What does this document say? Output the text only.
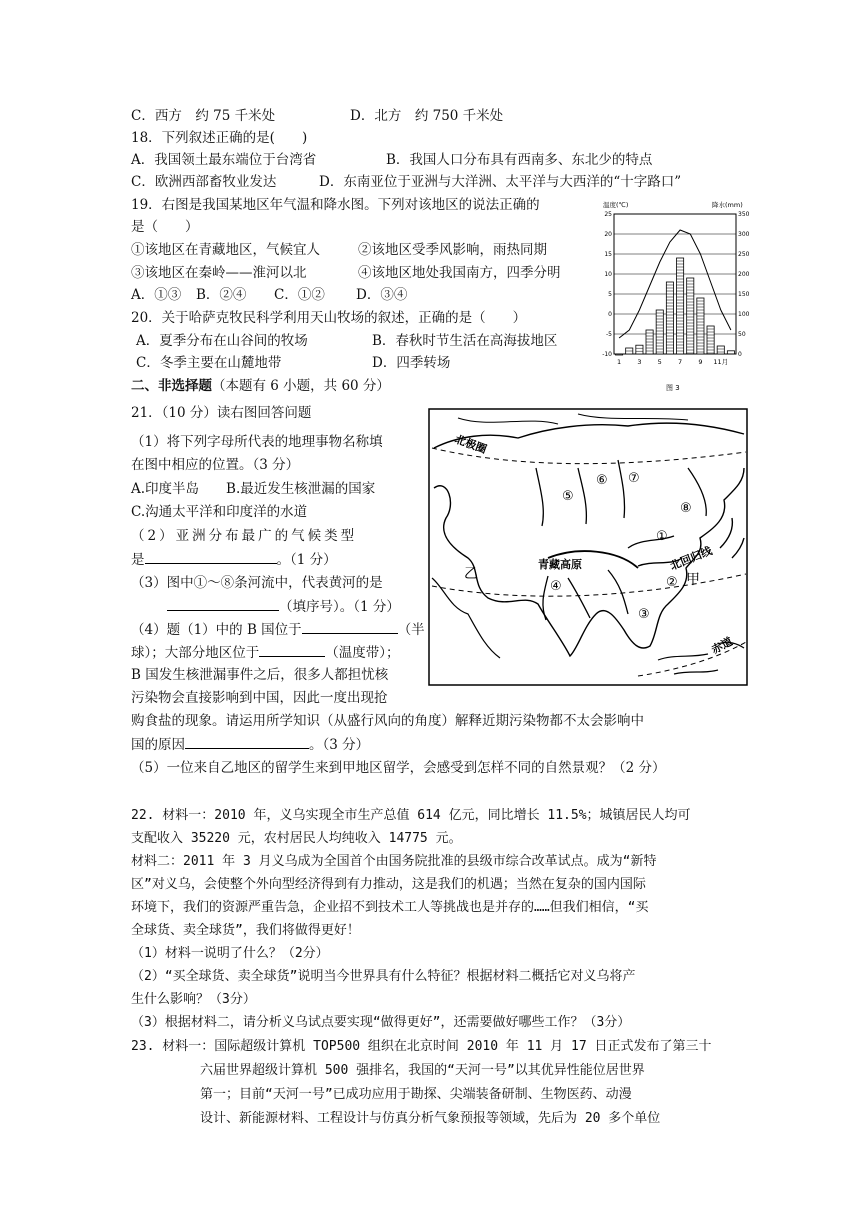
C．西方　约 75 千米处	D．北方　约 750 千米处
18．下列叙述正确的是(　　)
A．我国领土最东端位于台湾省	B．我国人口分布具有西南多、东北少的特点
C．欧洲西部畜牧业发达	D．东南亚位于亚洲与大洋洲、太平洋与大西洋的“十字路口”
19．右图是我国某地区年气温和降水图。下列对该地区的说法正确的
是（　　）
①该地区在青藏地区，气候宜人	②该地区受季风影响，雨热同期
③该地区在秦岭——淮河以北	④该地区地处我国南方，四季分明
A．①③ B．②④ C．①② D．③④
20．关于哈萨克牧民科学利用天山牧场的叙述，正确的是（　　）
A．夏季分布在山谷间的牧场	B．春秋时节生活在高海拔地区
C．冬季主要在山麓地带	D．四季转场
二、非选择题（本题有 6 小题，共 60 分）
21．（10 分）读右图回答问题
（1）将下列字母所代表的地理事物名称填
在图中相应的位置。（3 分）
A.印度半岛　　B.最近发生核泄漏的国家
C.沟通太平洋和印度洋的水道
（2）亚洲分布最广的气候类型
是	。（1 分）
（3）图中①～⑧条河流中，代表黄河的是
（填序号）。（1 分）
（4）题（1）中的 B 国位于	（半
球）；大部分地区位于	（温度带）；
B 国发生核泄漏事件之后，很多人都担忧核
污染物会直接影响到中国，因此一度出现抢
购食盐的现象。请运用所学知识（从盛行风向的角度）解释近期污染物都不太会影响中
国的原因	。（3 分）
（5）一位来自乙地区的留学生来到甲地区留学，会感受到怎样不同的自然景观？（2 分）
22. 材料一：2010 年，义乌实现全市生产总值 614 亿元，同比增长 11.5%；城镇居民人均可
支配收入 35220 元，农村居民人均纯收入 14775 元。
材料二：2011 年 3 月义乌成为全国首个由国务院批准的县级市综合改革试点。成为“新特
区”对义乌，会使整个外向型经济得到有力推动，这是我们的机遇；当然在复杂的国内国际
环境下，我们的资源严重告急，企业招不到技术工人等挑战也是并存的……但我们相信，“买
全球货、卖全球货”，我们将做得更好！
（1）材料一说明了什么？（2分）
（2）“买全球货、卖全球货”说明当今世界具有什么特征？根据材料二概括它对义乌将产
生什么影响？（3分）
（3）根据材料二，请分析义乌试点要实现“做得更好”，还需要做好哪些工作？（3分）
23. 材料一：国际超级计算机 TOP500 组织在北京时间 2010 年 11 月 17 日正式发布了第三十
六届世界超级计算机 500 强排名，我国的“天河一号”以其优异性能位居世界
第一；目前“天河一号”已成功应用于勘探、尖端装备研制、生物医药、动漫
设计、新能源材料、工程设计与仿真分析气象预报等领域，先后为 20 多个单位
温度(℃)	降水(mm)
25
20
15
10
5
0
-5
-10
350
300
250
200
150
100
50
0
1 3 5 7 9 11月
图 3
北极圈
北回归线
赤道
青藏高原
乙	甲
⑤
⑥ ⑦
⑧
①
②
③
④
